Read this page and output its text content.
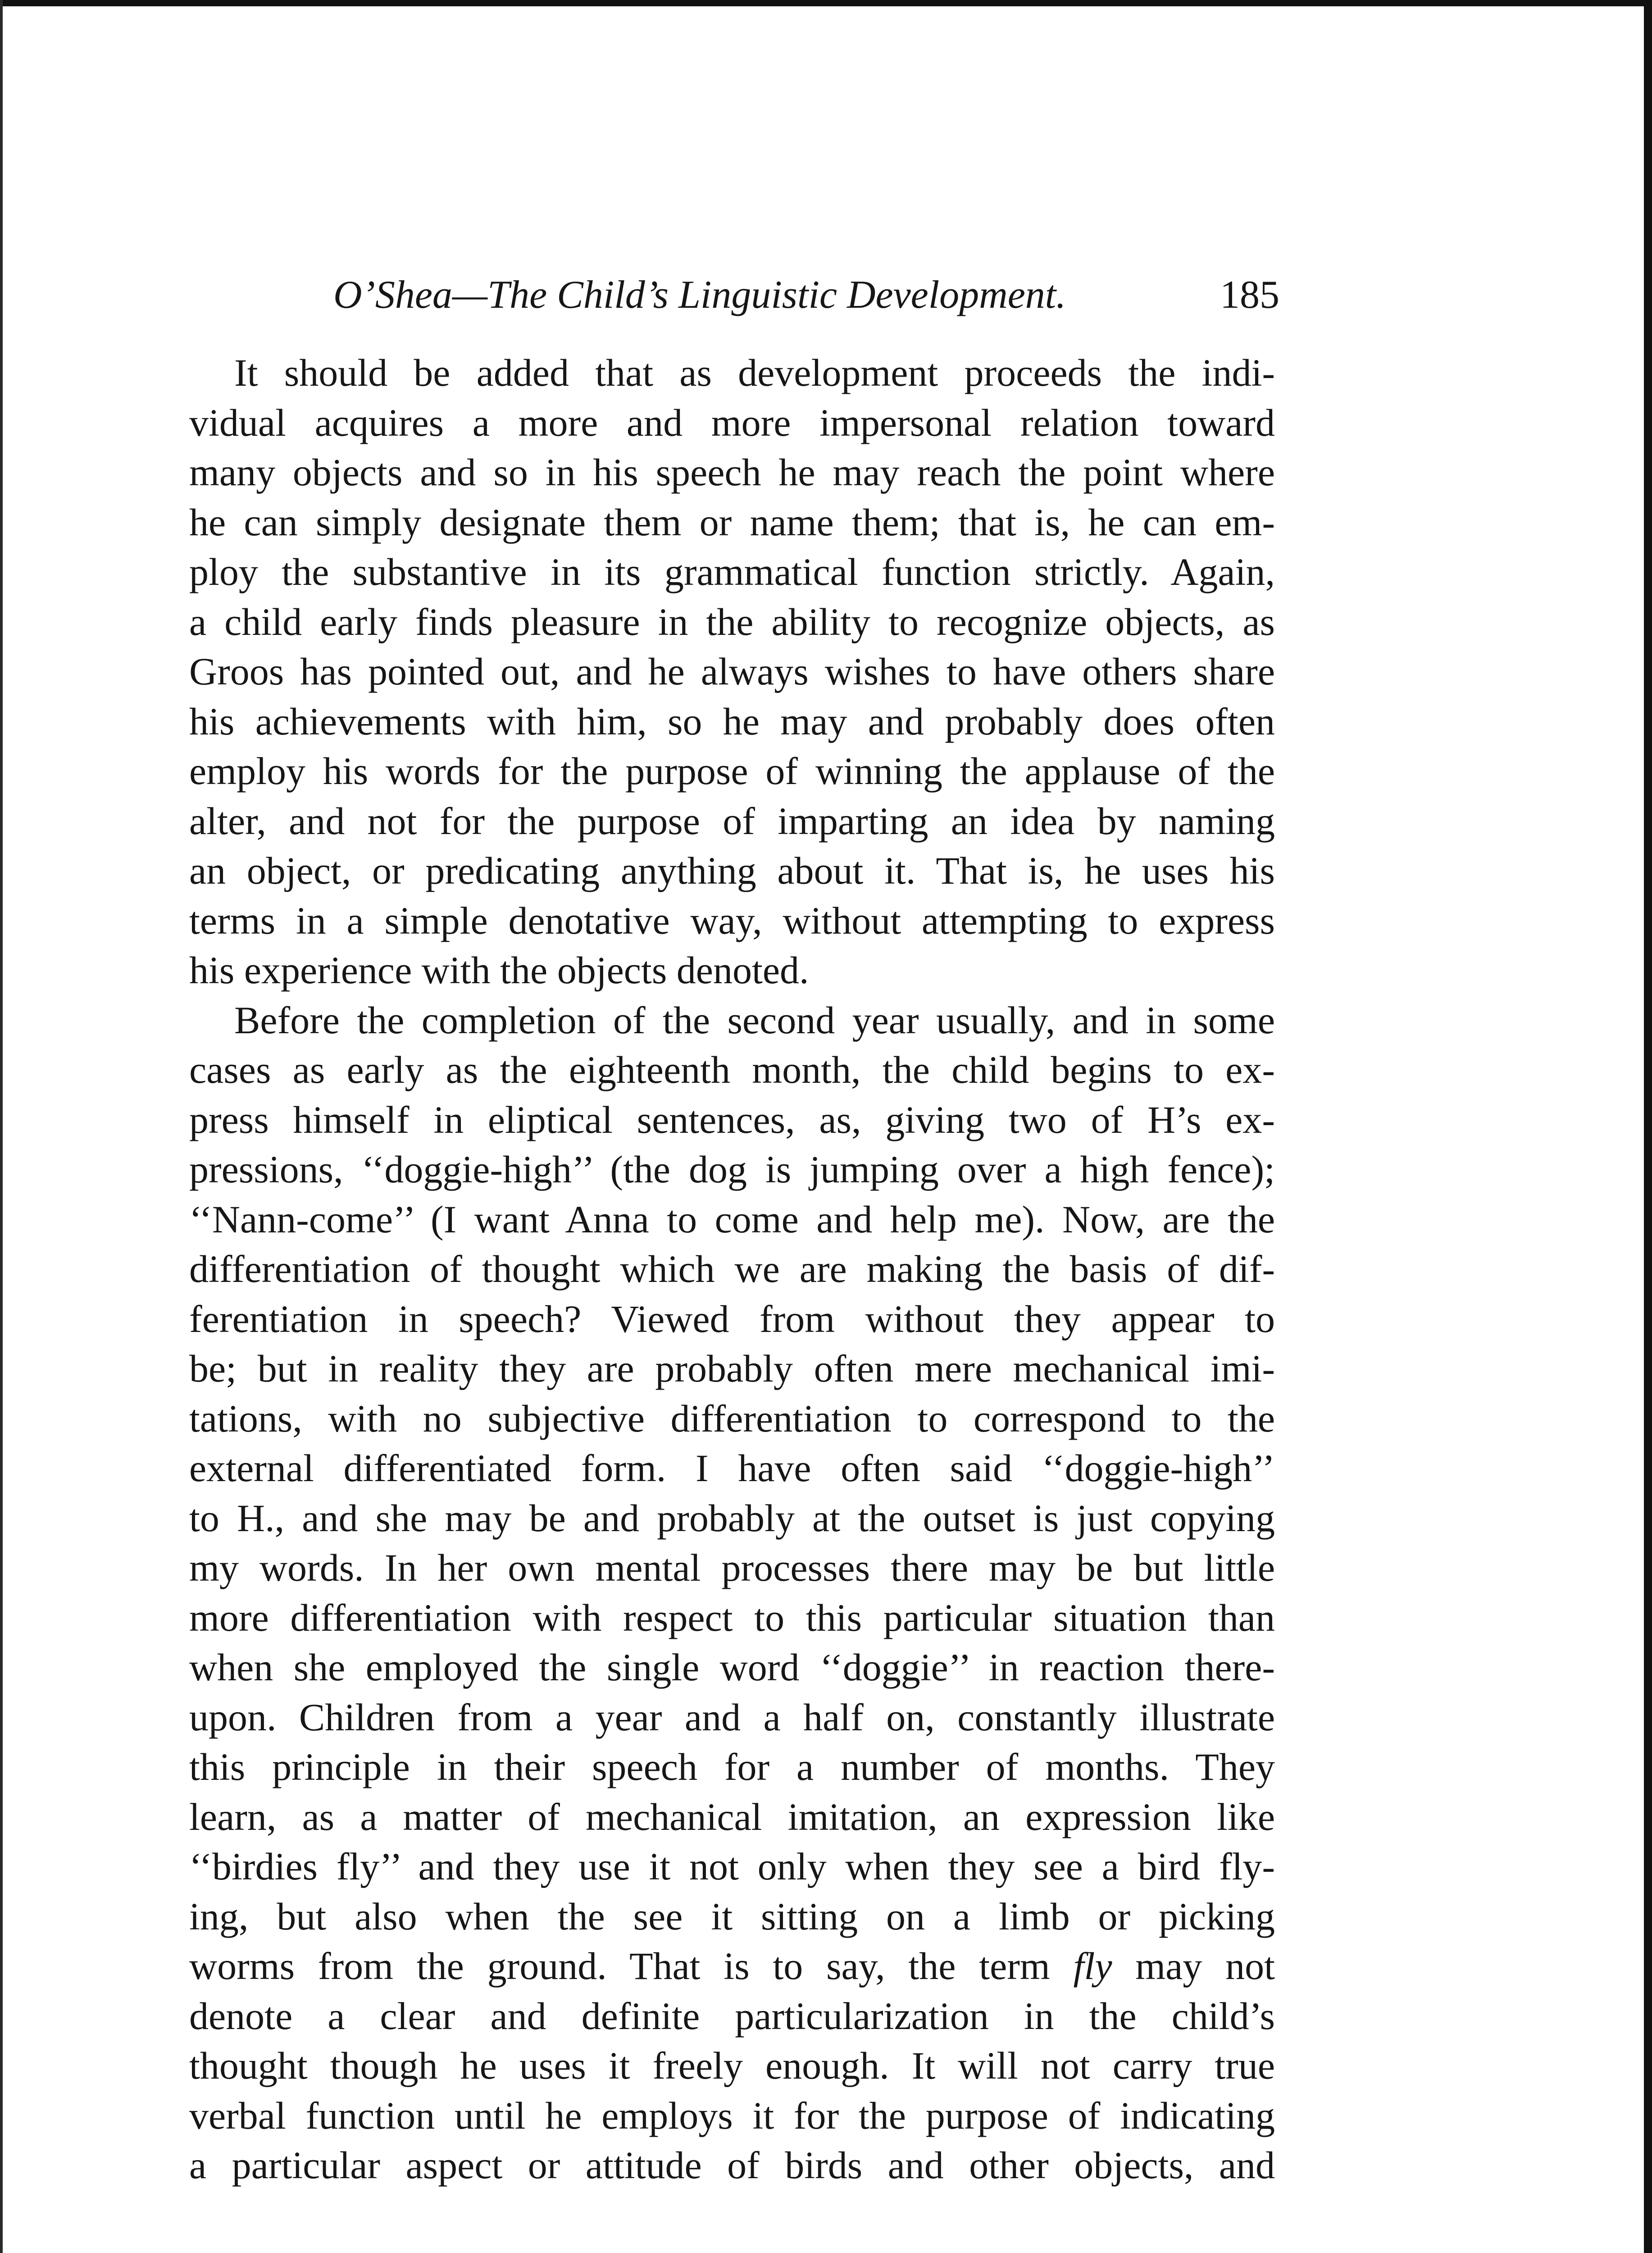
O’Shea—The Child’s Linguistic Development.	185
It should be added that as development proceeds the indi-
vidual acquires a more and more impersonal relation toward
many objects and so in his speech he may reach the point where
he can simply designate them or name them; that is, he can em-
ploy the substantive in its grammatical function strictly. Again,
a child early finds pleasure in the ability to recognize objects, as
Groos has pointed out, and he always wishes to have others share
his achievements with him, so he may and probably does often
employ his words for the purpose of winning the applause of the
alter, and not for the purpose of imparting an idea by naming
an object, or predicating anything about it. That is, he uses his
terms in a simple denotative way, without attempting to express
his experience with the objects denoted.
Before the completion of the second year usually, and in some
cases as early as the eighteenth month, the child begins to ex-
press himself in eliptical sentences, as, giving two of H’s ex-
pressions, ‘‘doggie-high’’ (the dog is jumping over a high fence);
‘‘Nann-come’’ (I want Anna to come and help me). Now, are the
differentiation of thought which we are making the basis of dif-
ferentiation in speech? Viewed from without they appear to
be; but in reality they are probably often mere mechanical imi-
tations, with no subjective differentiation to correspond to the
external differentiated form. I have often said ‘‘doggie-high’’
to H., and she may be and probably at the outset is just copying
my words. In her own mental processes there may be but little
more differentiation with respect to this particular situation than
when she employed the single word ‘‘doggie’’ in reaction there-
upon. Children from a year and a half on, constantly illustrate
this principle in their speech for a number of months. They
learn, as a matter of mechanical imitation, an expression like
‘‘birdies fly’’ and they use it not only when they see a bird fly-
ing, but also when the see it sitting on a limb or picking
worms from the ground. That is to say, the term fly may not
denote a clear and definite particularization in the child’s
thought though he uses it freely enough. It will not carry true
verbal function until he employs it for the purpose of indicating
a particular aspect or attitude of birds and other objects, and
